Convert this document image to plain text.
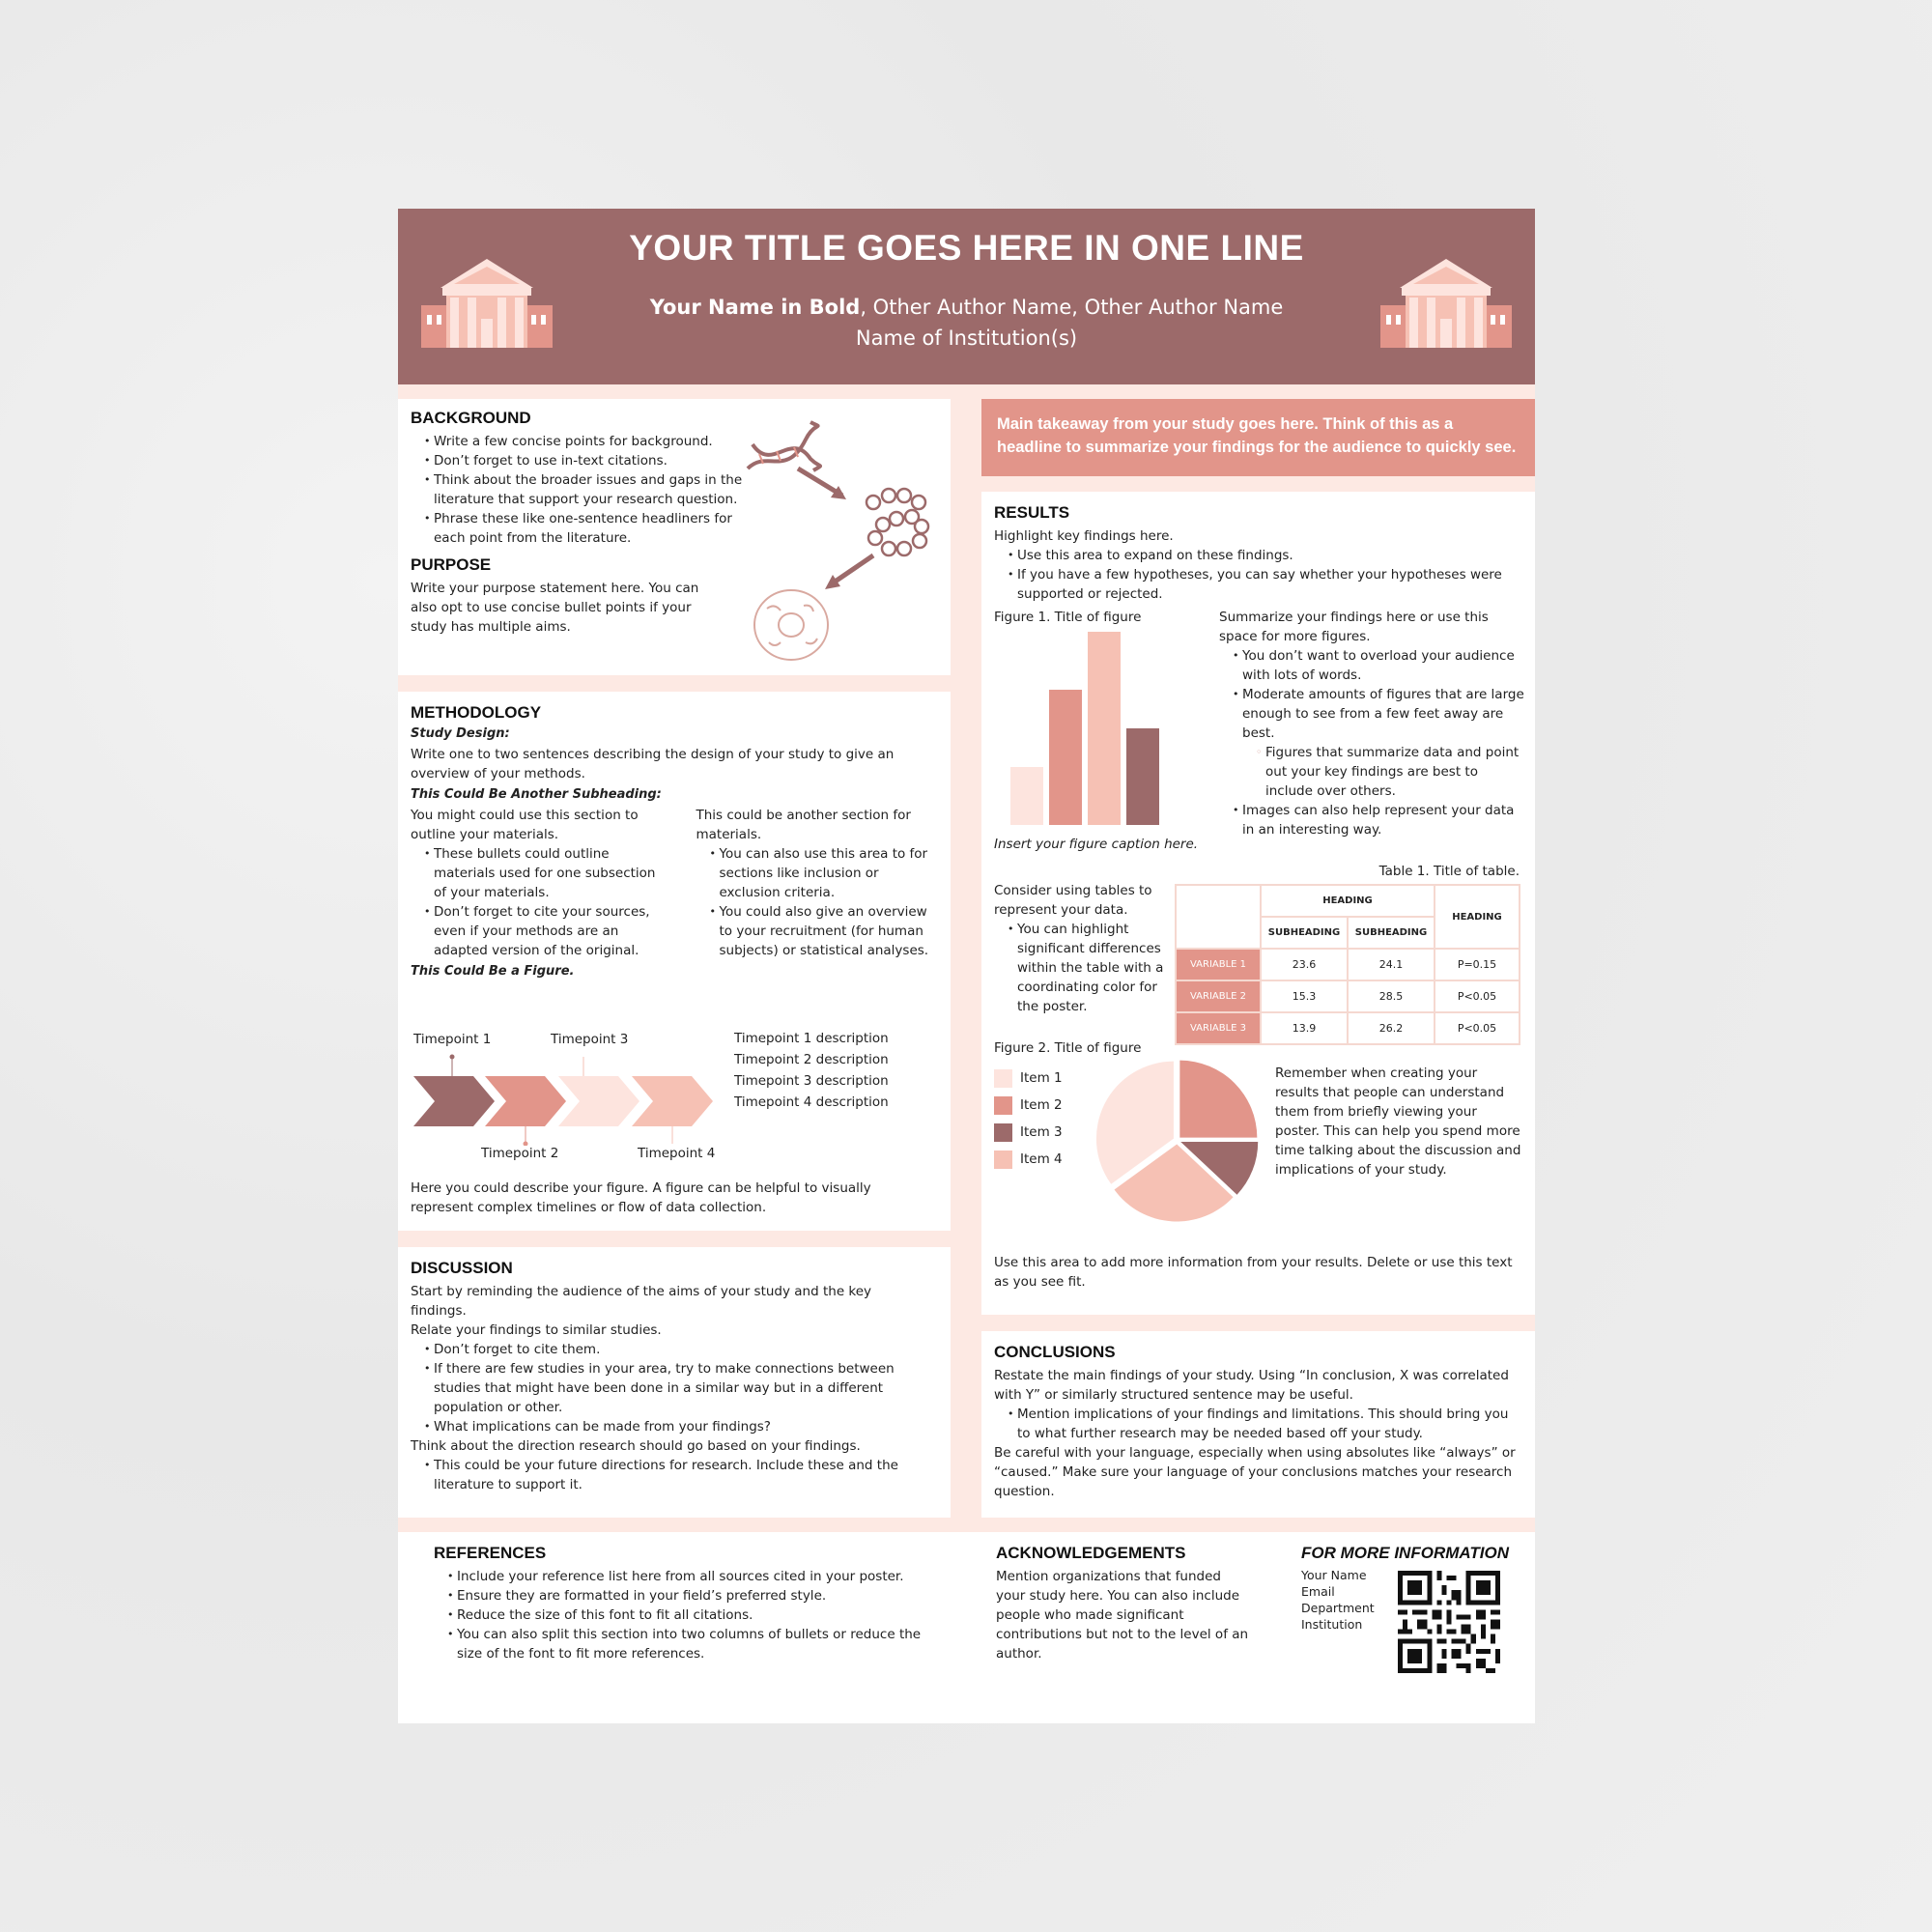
YOUR TITLE GOES HERE IN ONE LINE
Your Name in Bold, Other Author Name, Other Author Name
Name of Institution(s)
BACKGROUND
• Write a few concise points for background.
• Don’t forget to use in-text citations.
• Think about the broader issues and gaps in the literature that support your research question.
• Phrase these like one-sentence headliners for each point from the literature.
PURPOSE
Write your purpose statement here. You can also opt to use concise bullet points if your study has multiple aims.
METHODOLOGY
Study Design:
Write one to two sentences describing the design of your study to give an overview of your methods.
This Could Be Another Subheading:
You might could use this section to outline your materials.
• These bullets could outline materials used for one subsection of your materials.
• Don’t forget to cite your sources, even if your methods are an adapted version of the original.
This could be another section for materials.
• You can also use this area to for sections like inclusion or exclusion criteria.
• You could also give an overview to your recruitment (for human subjects) or statistical analyses.
This Could Be a Figure.
Timepoint 1	Timepoint 3
Timepoint 2	Timepoint 4
Timepoint 1 description
Timepoint 2 description
Timepoint 3 description
Timepoint 4 description
Here you could describe your figure. A figure can be helpful to visually represent complex timelines or flow of data collection.
DISCUSSION
Start by reminding the audience of the aims of your study and the key findings.
Relate your findings to similar studies.
• Don’t forget to cite them.
• If there are few studies in your area, try to make connections between studies that might have been done in a similar way but in a different population or other.
• What implications can be made from your findings?
Think about the direction research should go based on your findings.
• This could be your future directions for research. Include these and the literature to support it.
Main takeaway from your study goes here. Think of this as a headline to summarize your findings for the audience to quickly see.
RESULTS
Highlight key findings here.
• Use this area to expand on these findings.
• If you have a few hypotheses, you can say whether your hypotheses were supported or rejected.
Figure 1. Title of figure
Insert your figure caption here.
Summarize your findings here or use this space for more figures.
• You don’t want to overload your audience with lots of words.
• Moderate amounts of figures that are large enough to see from a few feet away are best.
◦ Figures that summarize data and point out your key findings are best to include over others.
• Images can also help represent your data in an interesting way.
Table 1. Title of table.
Consider using tables to represent your data.
• You can highlight significant differences within the table with a coordinating color for the poster.
	HEADING		HEADING
	SUBHEADING	SUBHEADING	
VARIABLE 1	23.6	24.1	P=0.15
VARIABLE 2	15.3	28.5	P<0.05
VARIABLE 3	13.9	26.2	P<0.05
Figure 2. Title of figure
Item 1
Item 2
Item 3
Item 4
Remember when creating your results that people can understand them from briefly viewing your poster. This can help you spend more time talking about the discussion and implications of your study.
Use this area to add more information from your results. Delete or use this text as you see fit.
CONCLUSIONS
Restate the main findings of your study. Using “In conclusion, X was correlated with Y” or similarly structured sentence may be useful.
• Mention implications of your findings and limitations. This should bring you to what further research may be needed based off your study.
Be careful with your language, especially when using absolutes like “always” or “caused.” Make sure your language of your conclusions matches your research question.
REFERENCES
• Include your reference list here from all sources cited in your poster.
• Ensure they are formatted in your field’s preferred style.
• Reduce the size of this font to fit all citations.
• You can also split this section into two columns of bullets or reduce the size of the font to fit more references.
ACKNOWLEDGEMENTS
Mention organizations that funded your study here. You can also include people who made significant contributions but not to the level of an author.
FOR MORE INFORMATION
Your Name
Email
Department
Institution
